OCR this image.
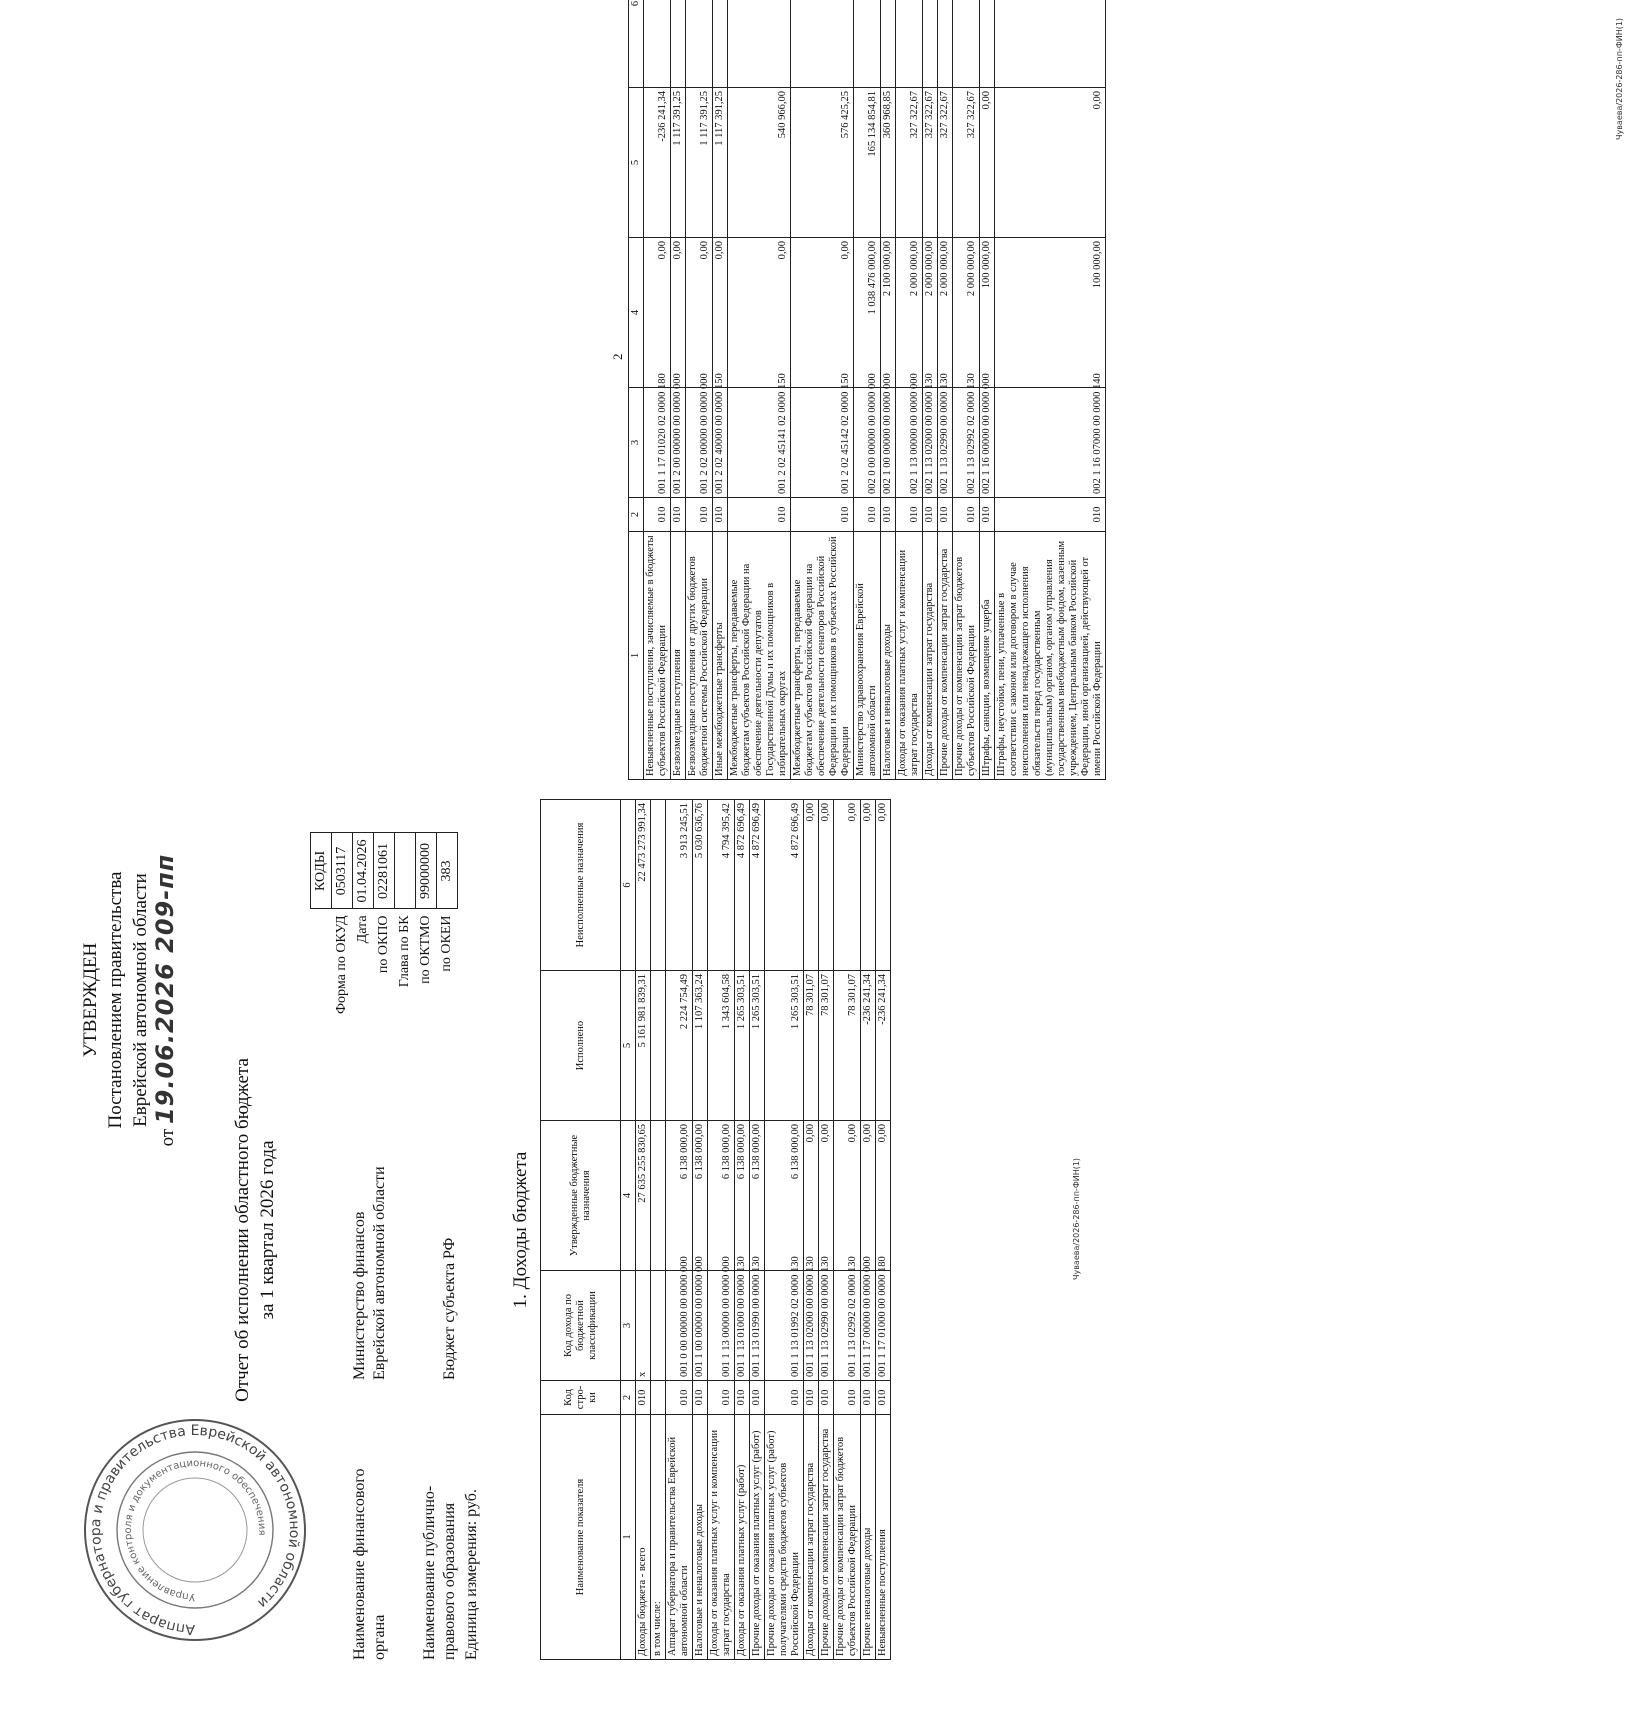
Аппарат губернатора и правительства Еврейской автономной области
Управление контроля и документационного обеспечения
УТВЕРЖДЕН Постановлением правительства Еврейской автономной области
от 19.06.2026 209-пп
Отчет об исполнении областного бюджета за 1 квартал 2026 года
Наименование финансового органа
Министерство финансов Еврейской автономной области
Наименование публично-правового образования
Бюджет субъекта РФ
Единица измерения: руб.
	КОДЫ
Форма по ОКУД	0503117
Дата	01.04.2026
по ОКПО	02281061
Глава по БК	
по ОКТМО	99000000
по ОКЕИ	383
1. Доходы бюджета
Наименование показателя	Код стро-ки	Код дохода по бюджетной классификации	Утвержденные бюджетные назначения	Исполнено	Неисполненные назначения
1	2	3	4	5	6
Доходы бюджета - всего	010	x	27 635 255 830,65	5 161 981 839,31	22 473 273 991,34
в том числе:					
Аппарат губернатора и правительства Еврейской автономной области	010	001 0 00 00000 00 0000 000	6 138 000,00	2 224 754,49	3 913 245,51
Налоговые и неналоговые доходы	010	001 1 00 00000 00 0000 000	6 138 000,00	1 107 363,24	5 030 636,76
Доходы от оказания платных услуг и компенсации затрат государства	010	001 1 13 00000 00 0000 000	6 138 000,00	1 343 604,58	4 794 395,42
Доходы от оказания платных услуг (работ)	010	001 1 13 01000 00 0000 130	6 138 000,00	1 265 303,51	4 872 696,49
Прочие доходы от оказания платных услуг (работ)	010	001 1 13 01990 00 0000 130	6 138 000,00	1 265 303,51	4 872 696,49
Прочие доходы от оказания платных услуг (работ) получателями средств бюджетов субъектов Российской Федерации	010	001 1 13 01992 02 0000 130	6 138 000,00	1 265 303,51	4 872 696,49
Доходы от компенсации затрат государства	010	001 1 13 02000 00 0000 130	0,00	78 301,07	0,00
Прочие доходы от компенсации затрат государства	010	001 1 13 02990 00 0000 130	0,00	78 301,07	0,00
Прочие доходы от компенсации затрат бюджетов субъектов Российской Федерации	010	001 1 13 02992 02 0000 130	0,00	78 301,07	0,00
Прочие неналоговые доходы	010	001 1 17 00000 00 0000 000	0,00	-236 241,34	0,00
Невыясненные поступления	010	001 1 17 01000 00 0000 180	0,00	-236 241,34	0,00
Чуваева/2026-286-пп-ФИН(1)
2
1	2	3	4	5	6
Невыясненные поступления, зачисляемые в бюджеты субъектов Российской Федерации	010	001 1 17 01020 02 0000 180	0,00	-236 241,34	
Безвозмездные поступления	010	001 2 00 00000 00 0000 000	0,00	1 117 391,25	
Безвозмездные поступления от других бюджетов бюджетной системы Российской Федерации	010	001 2 02 00000 00 0000 000	0,00	1 117 391,25	
Иные межбюджетные трансферты	010	001 2 02 40000 00 0000 150	0,00	1 117 391,25	
Межбюджетные трансферты, передаваемые бюджетам субъектов Российской Федерации на обеспечение деятельности депутатов Государственной Думы и их помощников в избирательных округах	010	001 2 02 45141 02 0000 150	0,00	540 966,00	
Межбюджетные трансферты, передаваемые бюджетам субъектов Российской Федерации на обеспечение деятельности сенаторов Российской Федерации и их помощников в субъектах Российской Федерации	010	001 2 02 45142 02 0000 150	0,00	576 425,25	
Министерство здравоохранения Еврейской автономной области	010	002 0 00 00000 00 0000 000	1 038 476 000,00	165 134 854,81	
Налоговые и неналоговые доходы	010	002 1 00 00000 00 0000 000	2 100 000,00	360 968,85	
Доходы от оказания платных услуг и компенсации затрат государства	010	002 1 13 00000 00 0000 000	2 000 000,00	327 322,67	
Доходы от компенсации затрат государства	010	002 1 13 02000 00 0000 130	2 000 000,00	327 322,67	
Прочие доходы от компенсации затрат государства	010	002 1 13 02990 00 0000 130	2 000 000,00	327 322,67	
Прочие доходы от компенсации затрат бюджетов субъектов Российской Федерации	010	002 1 13 02992 02 0000 130	2 000 000,00	327 322,67	
Штрафы, санкции, возмещение ущерба	010	002 1 16 00000 00 0000 000	100 000,00	0,00	
Штрафы, неустойки, пени, уплаченные в соответствии с законом или договором в случае неисполнения или ненадлежащего исполнения обязательств перед государственным (муниципальным) органом, органом управления государственным внебюджетным фондом, казенным учреждением, Центральным банком Российской Федерации, иной организацией, действующей от имени Российской Федерации	010	002 1 16 07000 00 0000 140	100 000,00	0,00		Чуваева/2026-286-пп-ФИН(1)
